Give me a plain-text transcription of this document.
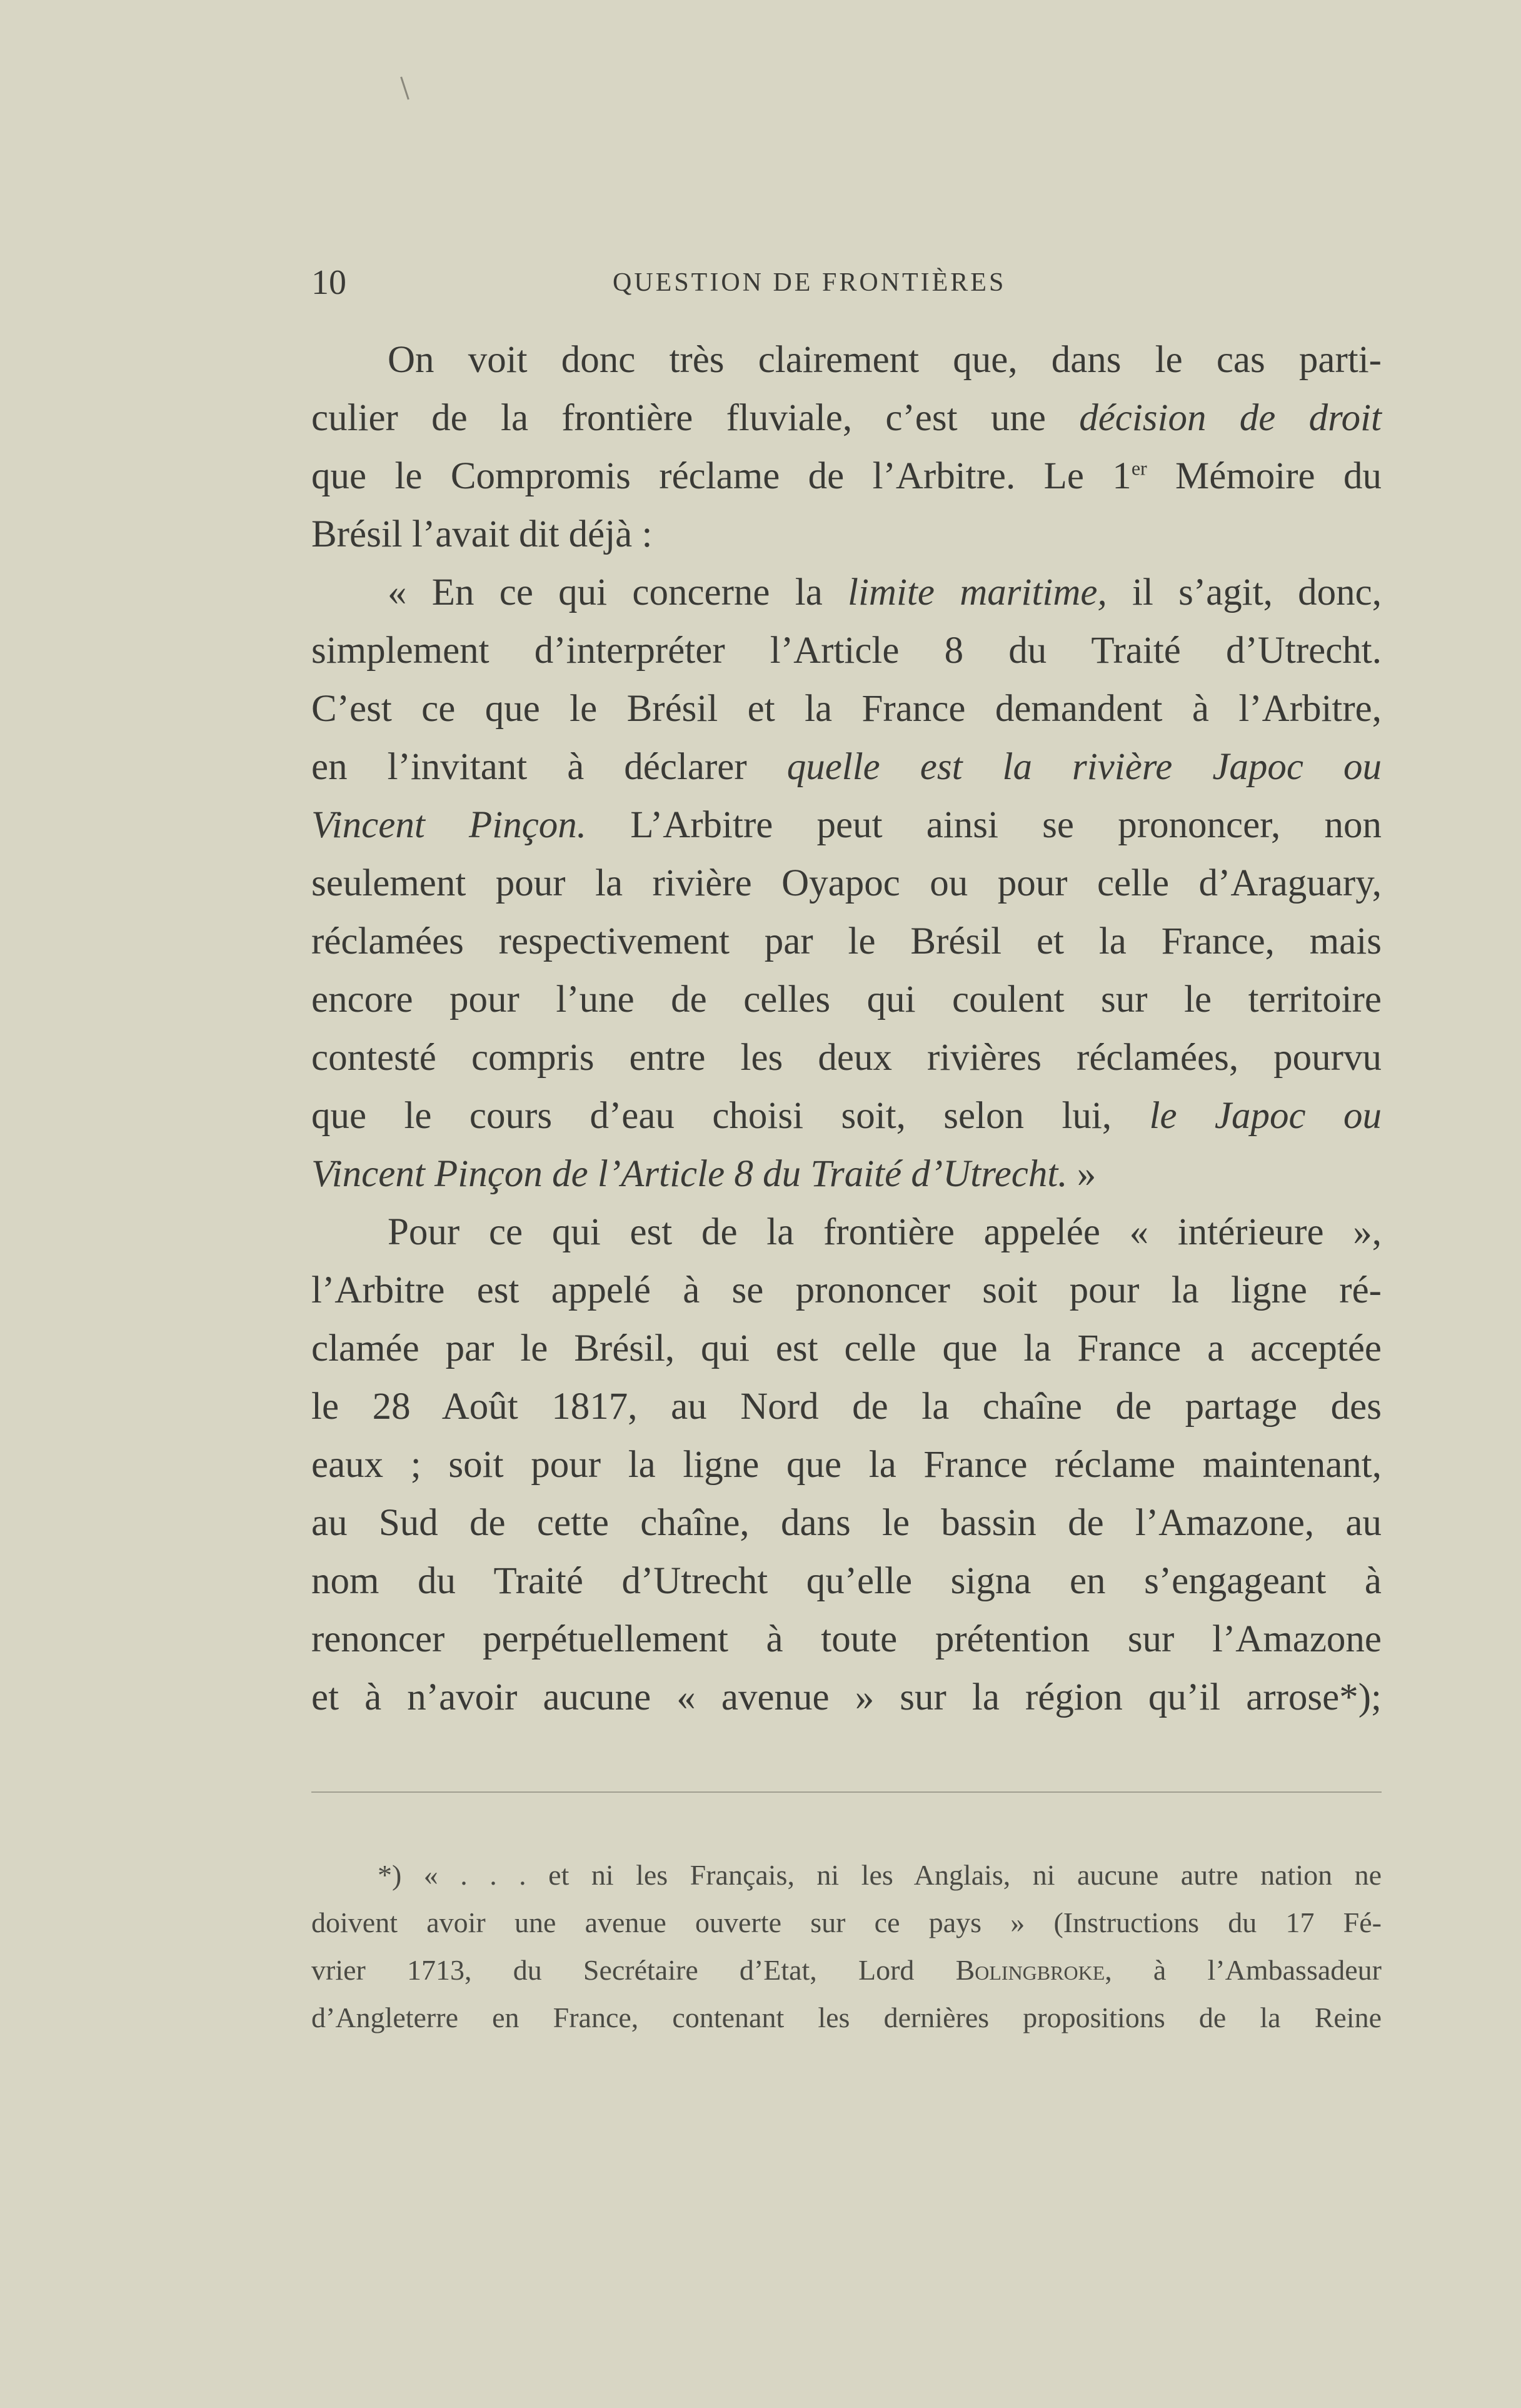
10	QUESTION DE FRONTIÈRES
On voit donc très clairement que, dans le cas parti-
culier de la frontière fluviale, c’est une décision de droit
que le Compromis réclame de l’Arbitre. Le 1er Mémoire du
Brésil l’avait dit déjà :
« En ce qui concerne la limite maritime, il s’agit, donc,
simplement d’interpréter l’Article 8 du Traité d’Utrecht.
C’est ce que le Brésil et la France demandent à l’Arbitre,
en l’invitant à déclarer quelle est la rivière Japoc ou
Vincent Pinçon. L’Arbitre peut ainsi se prononcer, non
seulement pour la rivière Oyapoc ou pour celle d’Araguary,
réclamées respectivement par le Brésil et la France, mais
encore pour l’une de celles qui coulent sur le territoire
contesté compris entre les deux rivières réclamées, pourvu
que le cours d’eau choisi soit, selon lui, le Japoc ou
Vincent Pinçon de l’Article 8 du Traité d’Utrecht. »
Pour ce qui est de la frontière appelée « intérieure »,
l’Arbitre est appelé à se prononcer soit pour la ligne ré-
clamée par le Brésil, qui est celle que la France a acceptée
le 28 Août 1817, au Nord de la chaîne de partage des
eaux ; soit pour la ligne que la France réclame maintenant,
au Sud de cette chaîne, dans le bassin de l’Amazone, au
nom du Traité d’Utrecht qu’elle signa en s’engageant à
renoncer perpétuellement à toute prétention sur l’Amazone
et à n’avoir aucune « avenue » sur la région qu’il arrose*);
*) « . . . et ni les Français, ni les Anglais, ni aucune autre nation ne
doivent avoir une avenue ouverte sur ce pays » (Instructions du 17 Fé-
vrier 1713, du Secrétaire d’Etat, Lord Bolingbroke, à l’Ambassadeur
d’Angleterre en France, contenant les dernières propositions de la Reine
